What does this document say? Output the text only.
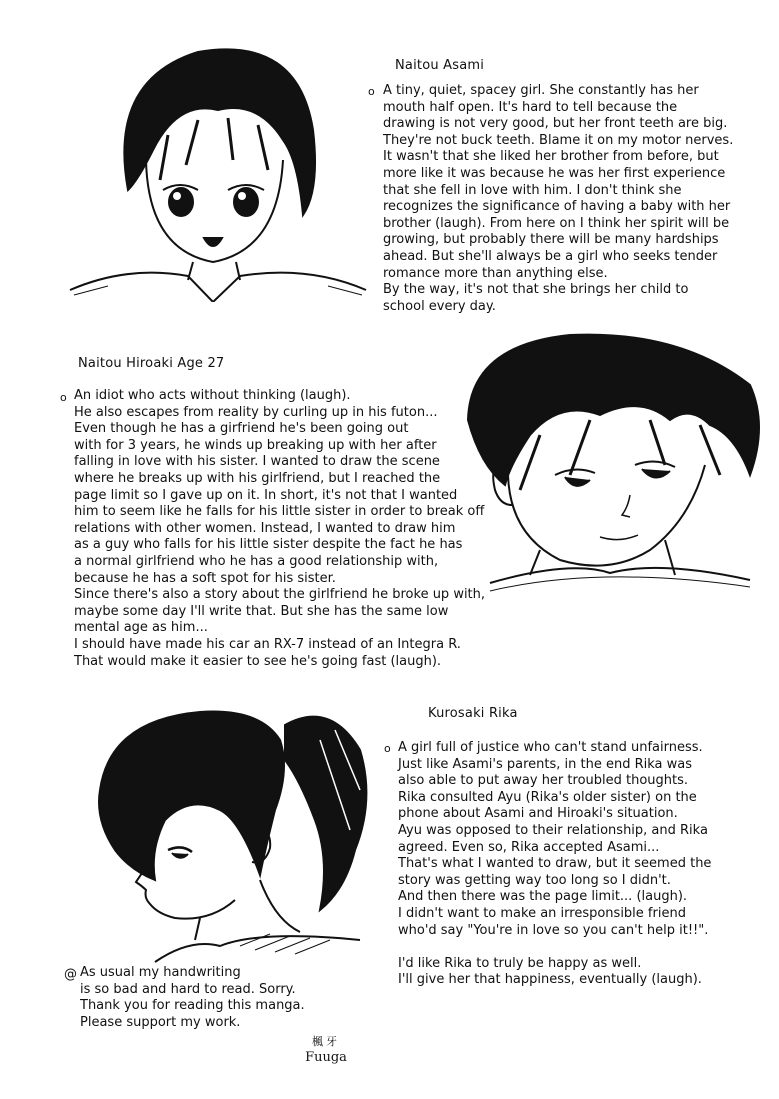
Naitou Asami
o A tiny, quiet, spacey girl. She constantly has her
mouth half open. It's hard to tell because the
drawing is not very good, but her front teeth are big.
They're not buck teeth. Blame it on my motor nerves.
It wasn't that she liked her brother from before, but
more like it was because he was her first experience
that she fell in love with him. I don't think she
recognizes the significance of having a baby with her
brother (laugh). From here on I think her spirit will be
growing, but probably there will be many hardships
ahead. But she'll always be a girl who seeks tender
romance more than anything else.
By the way, it's not that she brings her child to
school every day.
Naitou Hiroaki Age 27
o An idiot who acts without thinking (laugh).
He also escapes from reality by curling up in his futon...
Even though he has a girfriend he's been going out
with for 3 years, he winds up breaking up with her after
falling in love with his sister. I wanted to draw the scene
where he breaks up with his girlfriend, but I reached the
page limit so I gave up on it. In short, it's not that I wanted
him to seem like he falls for his little sister in order to break off
relations with other women. Instead, I wanted to draw him
as a guy who falls for his little sister despite the fact he has
a normal girlfriend who he has a good relationship with,
because he has a soft spot for his sister.
Since there's also a story about the girlfriend he broke up with,
maybe some day I'll write that. But she has the same low
mental age as him...
I should have made his car an RX-7 instead of an Integra R.
That would make it easier to see he's going fast (laugh).
Kurosaki Rika
o A girl full of justice who can't stand unfairness.
Just like Asami's parents, in the end Rika was
also able to put away her troubled thoughts.
Rika consulted Ayu (Rika's older sister) on the
phone about Asami and Hiroaki's situation.
Ayu was opposed to their relationship, and Rika
agreed. Even so, Rika accepted Asami...
That's what I wanted to draw, but it seemed the
story was getting way too long so I didn't.
And then there was the page limit... (laugh).
I didn't want to make an irresponsible friend
who'd say "You're in love so you can't help it!!".
I'd like Rika to truly be happy as well.
I'll give her that happiness, eventually (laugh).
@ As usual my handwriting
is so bad and hard to read. Sorry.
Thank you for reading this manga.
Please support my work.
楓牙
Fuuga
